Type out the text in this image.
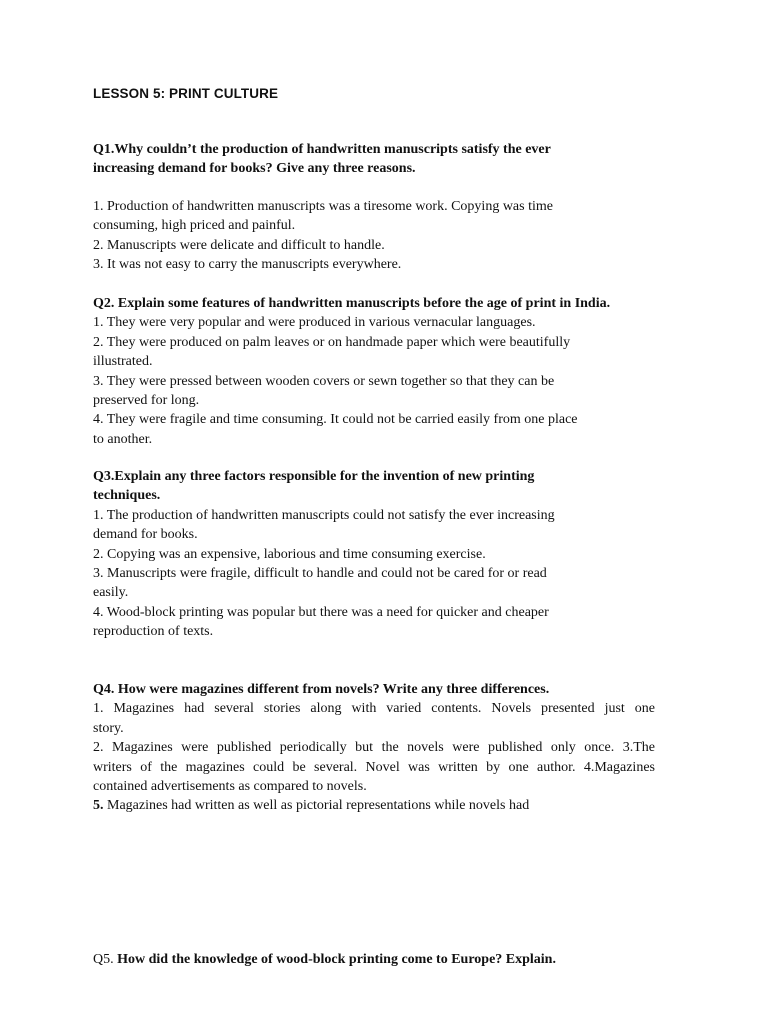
LESSON 5: PRINT CULTURE
Q1.Why couldn’t the production of handwritten manuscripts satisfy the ever
increasing demand for books? Give any three reasons.
1. Production of handwritten manuscripts was a tiresome work. Copying was time
consuming, high priced and painful.
2. Manuscripts were delicate and difficult to handle.
3. It was not easy to carry the manuscripts everywhere.
Q2. Explain some features of handwritten manuscripts before the age of print in India.
1. They were very popular and were produced in various vernacular languages.
2. They were produced on palm leaves or on handmade paper which were beautifully
illustrated.
3. They were pressed between wooden covers or sewn together so that they can be
preserved for long.
4. They were fragile and time consuming. It could not be carried easily from one place
to another.
Q3.Explain any three factors responsible for the invention of new printing
techniques.
1. The production of handwritten manuscripts could not satisfy the ever increasing
demand for books.
2. Copying was an expensive, laborious and time consuming exercise.
3. Manuscripts were fragile, difficult to handle and could not be cared for or read
easily.
4. Wood-block printing was popular but there was a need for quicker and cheaper
reproduction of texts.
Q4. How were magazines different from novels? Write any three differences.
1. Magazines had several stories along with varied contents. Novels presented just one
story.
2. Magazines were published periodically but the novels were published only once. 3.The
writers of the magazines could be several. Novel was written by one author. 4.Magazines
contained advertisements as compared to novels.
5. Magazines had written as well as pictorial representations while novels had
Q5. How did the knowledge of wood-block printing come to Europe? Explain.
